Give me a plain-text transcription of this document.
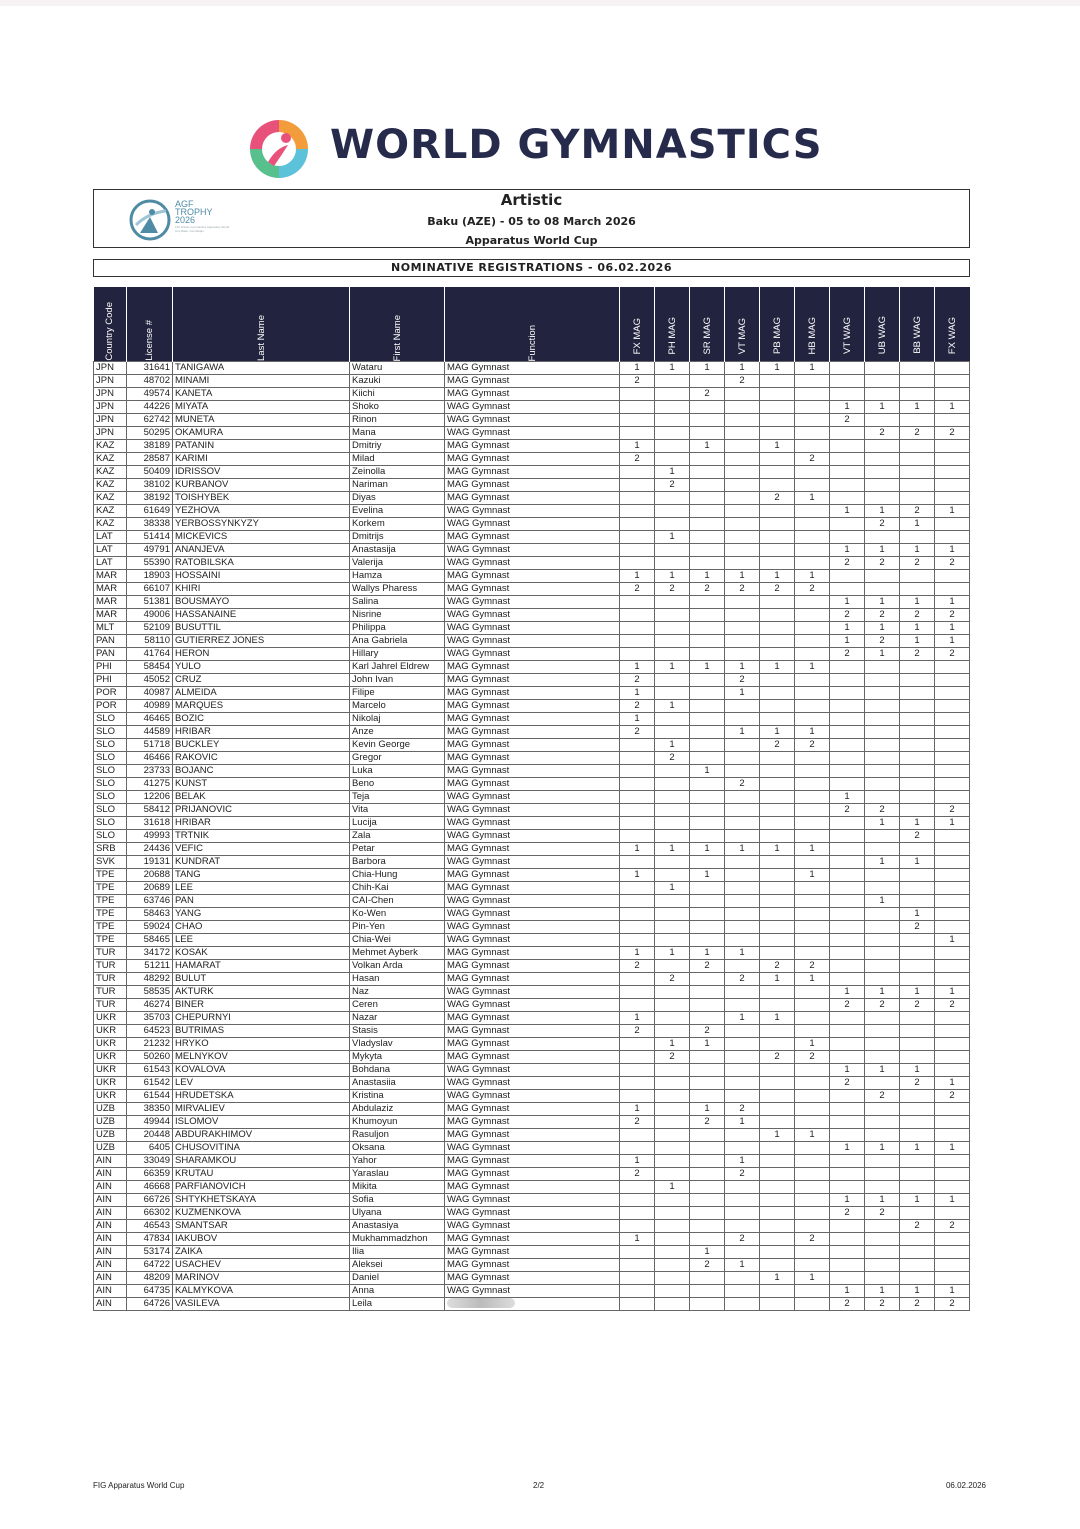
WORLD GYMNASTICS
AGF
TROPHY
2026
FIG Artistic Gymnastics Apparatus World Cup Baku, Azerbaijan
Artistic
Baku (AZE) - 05 to 08 March 2026
Apparatus World Cup
NOMINATIVE REGISTRATIONS - 06.02.2026
Country Code	License #	Last Name	First Name	Function	FX MAG	PH MAG	SR MAG	VT MAG	PB MAG	HB MAG	VT WAG	UB WAG	BB WAG	FX WAG
JPN	31641	TANIGAWA	Wataru	MAG Gymnast	1	1	1	1	1	1				
JPN	48702	MINAMI	Kazuki	MAG Gymnast	2			2						
JPN	49574	KANETA	Kiichi	MAG Gymnast			2							
JPN	44226	MIYATA	Shoko	WAG Gymnast							1	1	1	1
JPN	62742	MUNETA	Rinon	WAG Gymnast							2			
JPN	50295	OKAMURA	Mana	WAG Gymnast								2	2	2
KAZ	38189	PATANIN	Dmitriy	MAG Gymnast	1		1		1					
KAZ	28587	KARIMI	Milad	MAG Gymnast	2					2				
KAZ	50409	IDRISSOV	Zeinolla	MAG Gymnast		1								
KAZ	38102	KURBANOV	Nariman	MAG Gymnast		2								
KAZ	38192	TOISHYBEK	Diyas	MAG Gymnast					2	1				
KAZ	61649	YEZHOVA	Evelina	WAG Gymnast							1	1	2	1
KAZ	38338	YERBOSSYNKYZY	Korkem	WAG Gymnast								2	1	
LAT	51414	MICKEVICS	Dmitrijs	MAG Gymnast		1								
LAT	49791	ANANJEVA	Anastasija	WAG Gymnast							1	1	1	1
LAT	55390	RATOBILSKA	Valerija	WAG Gymnast							2	2	2	2
MAR	18903	HOSSAINI	Hamza	MAG Gymnast	1	1	1	1	1	1				
MAR	66107	KHIRI	Wallys Pharess	MAG Gymnast	2	2	2	2	2	2				
MAR	51381	BOUSMAYO	Salina	WAG Gymnast							1	1	1	1
MAR	49006	HASSANAINE	Nisrine	WAG Gymnast							2	2	2	2
MLT	52109	BUSUTTIL	Philippa	WAG Gymnast							1	1	1	1
PAN	58110	GUTIERREZ JONES	Ana Gabriela	WAG Gymnast							1	2	1	1
PAN	41764	HERON	Hillary	WAG Gymnast							2	1	2	2
PHI	58454	YULO	Karl Jahrel Eldrew	MAG Gymnast	1	1	1	1	1	1				
PHI	45052	CRUZ	John Ivan	MAG Gymnast	2			2						
POR	40987	ALMEIDA	Filipe	MAG Gymnast	1			1						
POR	40989	MARQUES	Marcelo	MAG Gymnast	2	1								
SLO	46465	BOZIC	Nikolaj	MAG Gymnast	1									
SLO	44589	HRIBAR	Anze	MAG Gymnast	2			1	1	1				
SLO	51718	BUCKLEY	Kevin George	MAG Gymnast		1			2	2				
SLO	46466	RAKOVIC	Gregor	MAG Gymnast		2								
SLO	23733	BOJANC	Luka	MAG Gymnast			1							
SLO	41275	KUNST	Beno	MAG Gymnast				2						
SLO	12206	BELAK	Teja	WAG Gymnast							1			
SLO	58412	PRIJANOVIC	Vita	WAG Gymnast							2	2		2
SLO	31618	HRIBAR	Lucija	WAG Gymnast								1	1	1
SLO	49993	TRTNIK	Zala	WAG Gymnast									2	
SRB	24436	VEFIC	Petar	MAG Gymnast	1	1	1	1	1	1				
SVK	19131	KUNDRAT	Barbora	WAG Gymnast								1	1	
TPE	20688	TANG	Chia-Hung	MAG Gymnast	1		1			1				
TPE	20689	LEE	Chih-Kai	MAG Gymnast		1								
TPE	63746	PAN	CAI-Chen	WAG Gymnast								1		
TPE	58463	YANG	Ko-Wen	WAG Gymnast									1	
TPE	59024	CHAO	Pin-Yen	WAG Gymnast									2	
TPE	58465	LEE	Chia-Wei	WAG Gymnast										1
TUR	34172	KOSAK	Mehmet Ayberk	MAG Gymnast	1	1	1	1						
TUR	51211	HAMARAT	Volkan Arda	MAG Gymnast	2		2		2	2				
TUR	48292	BULUT	Hasan	MAG Gymnast		2		2	1	1				
TUR	58535	AKTURK	Naz	WAG Gymnast							1	1	1	1
TUR	46274	BINER	Ceren	WAG Gymnast							2	2	2	2
UKR	35703	CHEPURNYI	Nazar	MAG Gymnast	1			1	1					
UKR	64523	BUTRIMAS	Stasis	MAG Gymnast	2		2							
UKR	21232	HRYKO	Vladyslav	MAG Gymnast		1	1			1				
UKR	50260	MELNYKOV	Mykyta	MAG Gymnast		2			2	2				
UKR	61543	KOVALOVA	Bohdana	WAG Gymnast							1	1	1	
UKR	61542	LEV	Anastasiia	WAG Gymnast							2		2	1
UKR	61544	HRUDETSKA	Kristina	WAG Gymnast								2		2
UZB	38350	MIRVALIEV	Abdulaziz	MAG Gymnast	1		1	2						
UZB	49944	ISLOMOV	Khumoyun	MAG Gymnast	2		2	1						
UZB	20448	ABDURAKHIMOV	Rasuljon	MAG Gymnast					1	1				
UZB	6405	CHUSOVITINA	Oksana	WAG Gymnast							1	1	1	1
AIN	33049	SHARAMKOU	Yahor	MAG Gymnast	1			1						
AIN	66359	KRUTAU	Yaraslau	MAG Gymnast	2			2						
AIN	46668	PARFIANOVICH	Mikita	MAG Gymnast		1								
AIN	66726	SHTYKHETSKAYA	Sofia	WAG Gymnast							1	1	1	1
AIN	66302	KUZMENKOVA	Ulyana	WAG Gymnast							2	2		
AIN	46543	SMANTSAR	Anastasiya	WAG Gymnast									2	2
AIN	47834	IAKUBOV	Mukhammadzhon	MAG Gymnast	1			2		2				
AIN	53174	ZAIKA	Ilia	MAG Gymnast			1							
AIN	64722	USACHEV	Aleksei	MAG Gymnast			2	1						
AIN	48209	MARINOV	Daniel	MAG Gymnast					1	1				
AIN	64735	KALMYKOVA	Anna	WAG Gymnast							1	1	1	1
AIN	64726	VASILEVA	Leila								2	2	2	2
FIG Apparatus World Cup	2/2	06.02.2026
